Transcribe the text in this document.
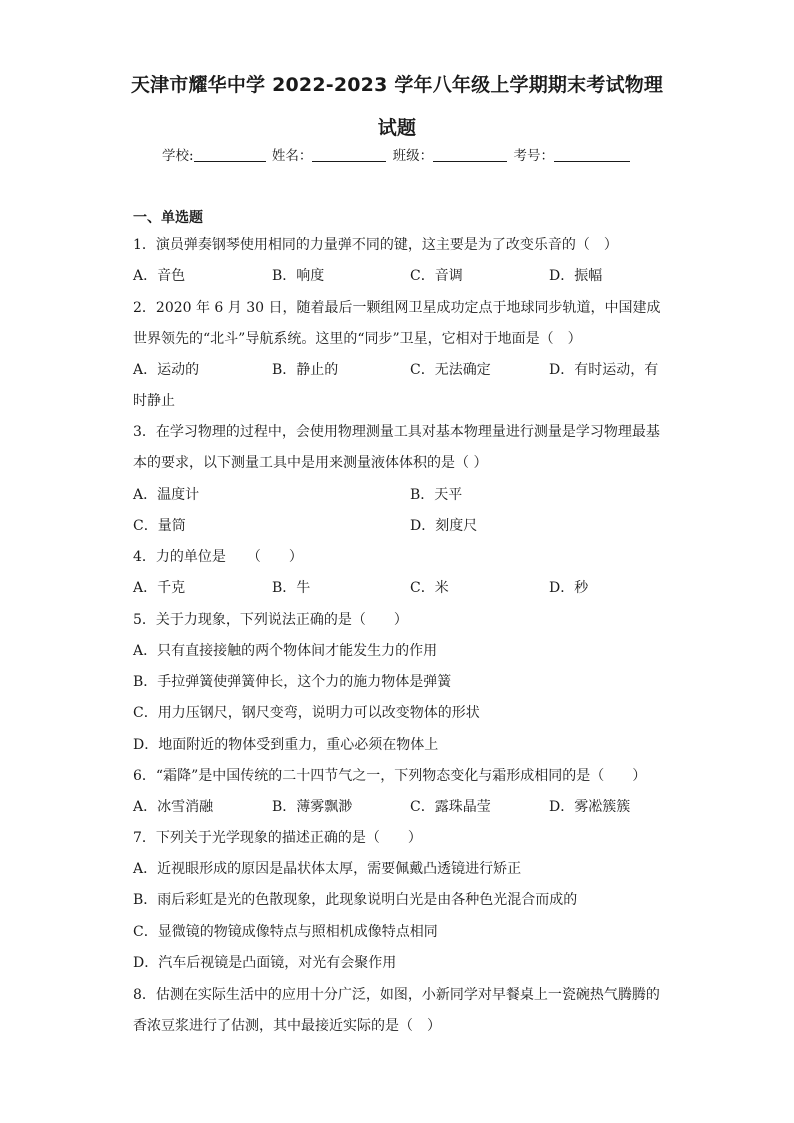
天津市耀华中学 2022-2023 学年八年级上学期期末考试物理
试题
学校:	姓名：	班级：	考号：
一、单选题
1．演员弹奏钢琴使用相同的力量弹不同的键，这主要是为了改变乐音的（　）
A．音色	B．响度	C．音调	D．振幅
2．2020 年 6 月 30 日，随着最后一颗组网卫星成功定点于地球同步轨道，中国建成
世界领先的“北斗”导航系统。这里的“同步”卫星，它相对于地面是（　）
A．运动的	B．静止的	C．无法确定	D．有时运动，有
时静止
3．在学习物理的过程中，会使用物理测量工具对基本物理量进行测量是学习物理最基
本的要求，以下测量工具中是用来测量液体体积的是（ ）
A．温度计	B．天平
C．量筒	D．刻度尺
4．力的单位是　　（　　）
A．千克	B．牛	C．米	D．秒
5．关于力现象，下列说法正确的是（　　）
A．只有直接接触的两个物体间才能发生力的作用
B．手拉弹簧使弹簧伸长，这个力的施力物体是弹簧
C．用力压钢尺，钢尺变弯，说明力可以改变物体的形状
D．地面附近的物体受到重力，重心必须在物体上
6．“霜降”是中国传统的二十四节气之一，下列物态变化与霜形成相同的是（　　）
A．冰雪消融	B．薄雾飘渺	C．露珠晶莹	D．雾凇簇簇
7．下列关于光学现象的描述正确的是（　　）
A．近视眼形成的原因是晶状体太厚，需要佩戴凸透镜进行矫正
B．雨后彩虹是光的色散现象，此现象说明白光是由各种色光混合而成的
C．显微镜的物镜成像特点与照相机成像特点相同
D．汽车后视镜是凸面镜，对光有会聚作用
8．估测在实际生活中的应用十分广泛，如图，小新同学对早餐桌上一瓷碗热气腾腾的
香浓豆浆进行了估测，其中最接近实际的是（　）
